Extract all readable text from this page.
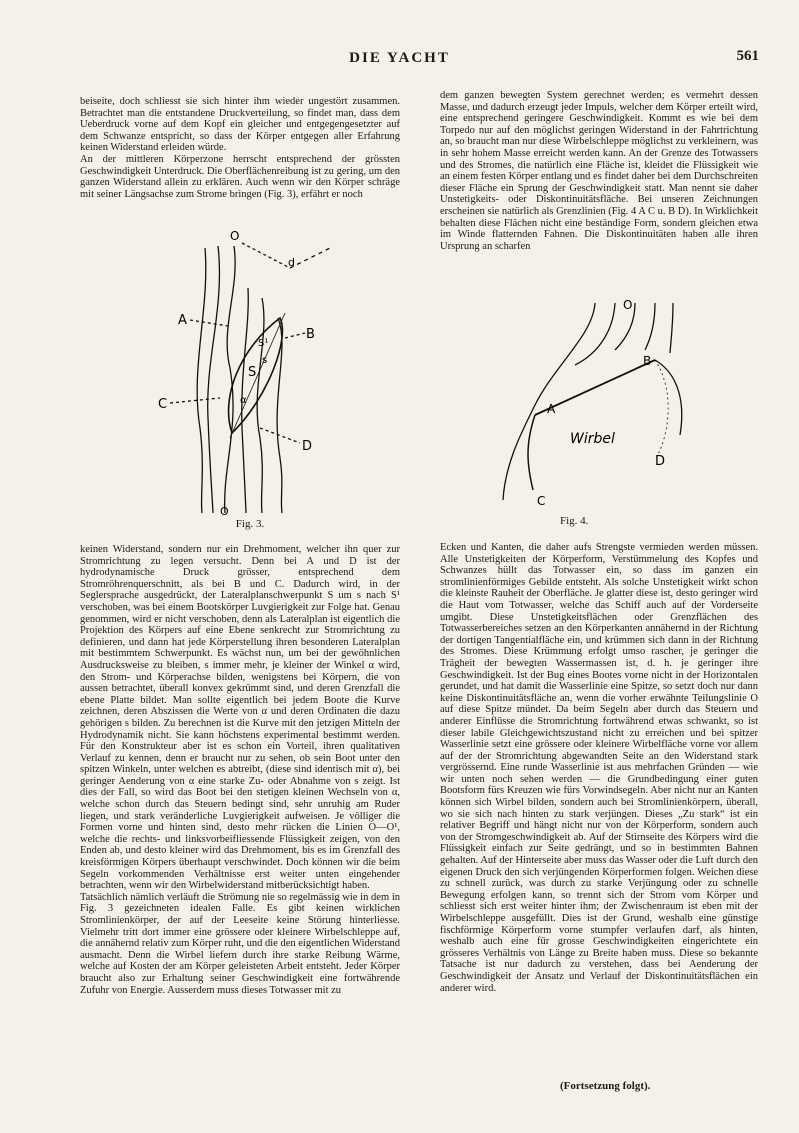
DIE YACHT	561
beiseite, doch schliesst sie sich hinter ihm wieder ungestört zusammen. Betrachtet man die entstandene Druckverteilung, so findet man, dass dem Ueberdruck vorne auf dem Kopf ein gleicher und entgegengesetzter auf dem Schwanze entspricht, so dass der Körper entgegen aller Erfahrung keinen Widerstand erleiden würde.
An der mittleren Körperzone herrscht entsprechend der grössten Geschwindigkeit Unterdruck. Die Oberflächenreibung ist zu gering, um den ganzen Widerstand allein zu erklären. Auch wenn wir den Körper schräge mit seiner Längsachse zum Strome bringen (Fig. 3), erfährt er noch
dem ganzen bewegten System gerechnet werden; es vermehrt dessen Masse, und dadurch erzeugt jeder Impuls, welcher dem Körper erteilt wird, eine entsprechend geringere Geschwindigkeit. Kommt es wie bei dem Torpedo nur auf den möglichst geringen Widerstand in der Fahrtrichtung an, so braucht man nur diese Wirbelschleppe möglichst zu verkleinern, was in sehr hohem Masse erreicht werden kann. An der Grenze des Totwassers und des Stromes, die natürlich eine Fläche ist, kleidet die Flüssigkeit wie an einem festen Körper entlang und es findet daher bei dem Durchschreiten dieser Fläche ein Sprung der Geschwindigkeit statt. Man nennt sie daher Unstetigkeits- oder Diskontinuitätsfläche. Bei unseren Zeichnungen erscheinen sie natürlich als Grenzlinien (Fig. 4 A C u. B D). In Wirklichkeit behalten diese Flächen nicht eine beständige Form, sondern gleichen etwa im Winde flatternden Fahnen. Die Diskontinuitäten haben alle ihren Ursprung an scharfen
O
d
A
B
S¹
S
s
α
C
D
O
Fig. 3.
O
B
A
Wirbel
D
C
Fig. 4.
keinen Widerstand, sondern nur ein Drehmoment, welcher ihn quer zur Stromrichtung zu legen versucht. Denn bei A und D ist der hydrodynamische Druck grösser, entsprechend dem Stromröhrenquerschnitt, als bei B und C. Dadurch wird, in der Seglersprache ausgedrückt, der Lateralplanschwerpunkt S um s nach S¹ verschoben, was bei einem Bootskörper Luvgierigkeit zur Folge hat. Genau genommen, wird er nicht verschoben, denn als Lateralplan ist eigentlich die Projektion des Körpers auf eine Ebene senkrecht zur Stromrichtung zu definieren, und dann hat jede Körperstellung ihren besonderen Lateralplan mit bestimmtem Schwerpunkt. Es wächst nun, um bei der gewöhnlichen Ausdrucksweise zu bleiben, s immer mehr, je kleiner der Winkel α wird, den Strom- und Körperachse bilden, wenigstens bei Körpern, die von aussen betrachtet, überall konvex gekrümmt sind, und deren Grenzfall die ebene Platte bildet. Man sollte eigentlich bei jedem Boote die Kurve zeichnen, deren Abszissen die Werte von α und deren Ordinaten die dazu gehörigen s bilden. Zu berechnen ist die Kurve mit den jetzigen Mitteln der Hydrodynamik nicht. Sie kann höchstens experimental bestimmt werden. Für den Konstrukteur aber ist es schon ein Vorteil, ihren qualitativen Verlauf zu kennen, denn er braucht nur zu sehen, ob sein Boot unter den spitzen Winkeln, unter welchen es abtreibt, (diese sind identisch mit α), bei geringer Aenderung von α eine starke Zu- oder Abnahme von s zeigt. Ist dies der Fall, so wird das Boot bei den stetigen kleinen Wechseln von α, welche schon durch das Steuern bedingt sind, sehr unruhig am Ruder liegen, und stark veränderliche Luvgierigkeit aufweisen. Je völliger die Formen vorne und hinten sind, desto mehr rücken die Linien O—O¹, welche die rechts- und linksvorbeifliessende Flüssigkeit zeigen, von den Enden ab, und desto kleiner wird das Drehmoment, bis es im Grenzfall des kreisförmigen Körpers überhaupt verschwindet. Doch können wir die beim Segeln vorkommenden Verhältnisse erst weiter unten eingehender betrachten, wenn wir den Wirbelwiderstand mitberücksichtigt haben.
Tatsächlich nämlich verläuft die Strömung nie so regelmässig wie in dem in Fig. 3 gezeichneten idealen Falle. Es gibt keinen wirklichen Stromlinienkörper, der auf der Leeseite keine Störung hinterliesse. Vielmehr tritt dort immer eine grössere oder kleinere Wirbelschleppe auf, die annähernd relativ zum Körper ruht, und die den eigentlichen Widerstand ausmacht. Denn die Wirbel liefern durch ihre starke Reibung Wärme, welche auf Kosten der am Körper geleisteten Arbeit entsteht. Jeder Körper braucht also zur Erhaltung seiner Geschwindigkeit eine fortwährende Zufuhr von Energie. Ausserdem muss dieses Totwasser mit zu
Ecken und Kanten, die daher aufs Strengste vermieden werden müssen. Alle Unstetigkeiten der Körperform, Verstümmelung des Kopfes und Schwanzes hüllt das Totwasser ein, so dass im ganzen ein stromlinienförmiges Gebilde entsteht. Als solche Unstetigkeit wirkt schon die kleinste Rauheit der Oberfläche. Je glatter diese ist, desto geringer wird die Haut vom Totwasser, welche das Schiff auch auf der Vorderseite umgibt. Diese Unstetigkeitsflächen oder Grenzflächen des Totwasserbereiches setzen an den Körperkanten annähernd in der Richtung der dortigen Tangentialfläche ein, und krümmen sich dann in der Richtung des Stromes. Diese Krümmung erfolgt umso rascher, je geringer die Trägheit der bewegten Wassermassen ist, d. h. je geringer ihre Geschwindigkeit. Ist der Bug eines Bootes vorne nicht in der Horizontalen gerundet, und hat damit die Wasserlinie eine Spitze, so setzt doch nur dann keine Diskontinuitätsfläche an, wenn die vorher erwähnte Teilungslinie O auf diese Spitze mündet. Da beim Segeln aber durch das Steuern und anderer Einflüsse die Stromrichtung fortwährend etwas schwankt, so ist dieser labile Gleichgewichtszustand nicht zu erreichen und bei spitzer Wasserlinie setzt eine grössere oder kleinere Wirbelfläche vorne vor allem auf der der Stromrichtung abgewandten Seite an den Widerstand stark vergrössernd. Eine runde Wasserlinie ist aus mehrfachen Gründen — wie wir unten noch sehen werden — die Grundbedingung einer guten Bootsform fürs Kreuzen wie fürs Vorwindsegeln. Aber nicht nur an Kanten können sich Wirbel bilden, sondern auch bei Stromlinienkörpern, überall, wo sie sich nach hinten zu stark verjüngen. Dieses „Zu stark“ ist ein relativer Begriff und hängt nicht nur von der Körperform, sondern auch von der Stromgeschwindigkeit ab. Auf der Stirnseite des Körpers wird die Flüssigkeit einfach zur Seite gedrängt, und so in bestimmten Bahnen gehalten. Auf der Hinterseite aber muss das Wasser oder die Luft durch den eigenen Druck den sich verjüngenden Körperformen folgen. Weichen diese zu schnell zurück, was durch zu starke Verjüngung oder zu schnelle Bewegung erfolgen kann, so trennt sich der Strom vom Körper und schliesst sich erst weiter hinter ihm; der Zwischenraum ist eben mit der Wirbelschleppe ausgefüllt. Dies ist der Grund, weshalb eine günstige fischförmige Körperform vorne stumpfer verlaufen darf, als hinten, weshalb auch eine für grosse Geschwindigkeiten eingerichtete ein grösseres Verhältnis von Länge zu Breite haben muss. Diese so bekannte Tatsache ist nur dadurch zu verstehen, dass bei Aenderung der Geschwindigkeit der Ansatz und Verlauf der Diskontinuitätsflächen ein anderer wird.
(Fortsetzung folgt).
